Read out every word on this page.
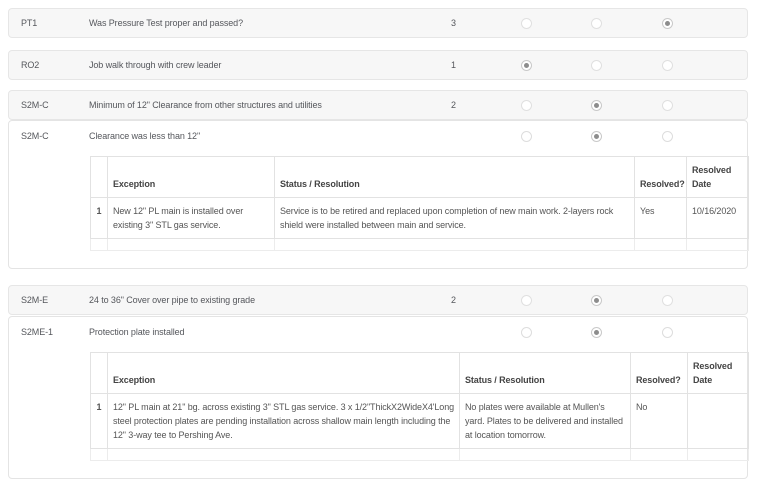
PT1	Was Pressure Test proper and passed?	3
RO2	Job walk through with crew leader	1
S2M-C	Minimum of 12" Clearance from other structures and utilities	2
S2M-C	Clearance was less than 12"
	Exception	Status / Resolution	Resolved?	Resolved Date
1	New 12" PL main is installed over existing 3" STL gas service.	Service is to be retired and replaced upon completion of new main work. 2-layers rock shield were installed between main and service.	Yes	10/16/2020

S2M-E	24 to 36" Cover over pipe to existing grade	2
S2ME-1	Protection plate installed
	Exception	Status / Resolution	Resolved?	Resolved Date
1	12" PL main at 21" bg. across existing 3" STL gas service. 3 x 1/2"ThickX2WideX4'Long steel protection plates are pending installation across shallow main length including the 12" 3-way tee to Pershing Ave.	No plates were available at Mullen's yard. Plates to be delivered and installed at location tomorrow.	No	
